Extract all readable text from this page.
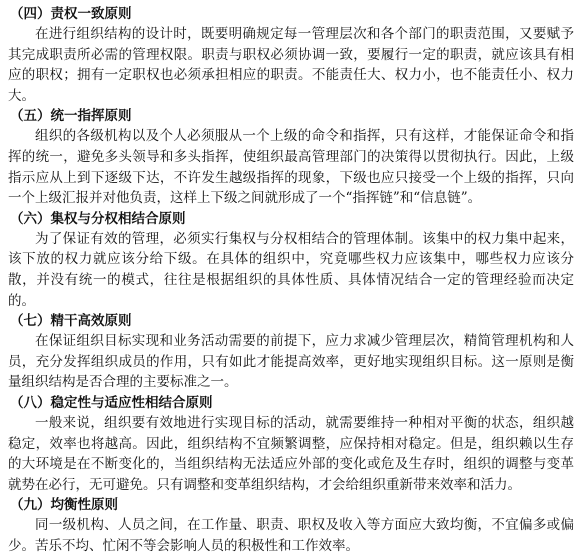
（四）责权一致原则

在进行组织结构的设计时，既要明确规定每一管理层次和各个部门的职责范围，又要赋予其完成职责所必需的管理权限。职责与职权必须协调一致，要履行一定的职责，就应该具有相应的职权；拥有一定职权也必须承担相应的职责。不能责任大、权力小，也不能责任小、权力大。

（五）统一指挥原则

组织的各级机构以及个人必须服从一个上级的命令和指挥，只有这样，才能保证命令和指挥的统一，避免多头领导和多头指挥，使组织最高管理部门的决策得以贯彻执行。因此，上级指示应从上到下逐级下达，不许发生越级指挥的现象，下级也应只接受一个上级的指挥，只向一个上级汇报并对他负责，这样上下级之间就形成了一个“指挥链”和“信息链”。

（六）集权与分权相结合原则

为了保证有效的管理，必须实行集权与分权相结合的管理体制。该集中的权力集中起来，该下放的权力就应该分给下级。在具体的组织中，究竟哪些权力应该集中，哪些权力应该分散，并没有统一的模式，往往是根据组织的具体性质、具体情况结合一定的管理经验而决定的。

（七）精干高效原则

在保证组织目标实现和业务活动需要的前提下，应力求减少管理层次，精简管理机构和人员，充分发挥组织成员的作用，只有如此才能提高效率，更好地实现组织目标。这一原则是衡量组织结构是否合理的主要标准之一。

（八）稳定性与适应性相结合原则

一般来说，组织要有效地进行实现目标的活动，就需要维持一种相对平衡的状态，组织越稳定，效率也将越高。因此，组织结构不宜频繁调整，应保持相对稳定。但是，组织赖以生存的大环境是在不断变化的，当组织结构无法适应外部的变化或危及生存时，组织的调整与变革就势在必行，无可避免。只有调整和变革组织结构，才会给组织重新带来效率和活力。

（九）均衡性原则

同一级机构、人员之间，在工作量、职责、职权及收入等方面应大致均衡，不宜偏多或偏少。苦乐不均、忙闲不等会影响人员的积极性和工作效率。
